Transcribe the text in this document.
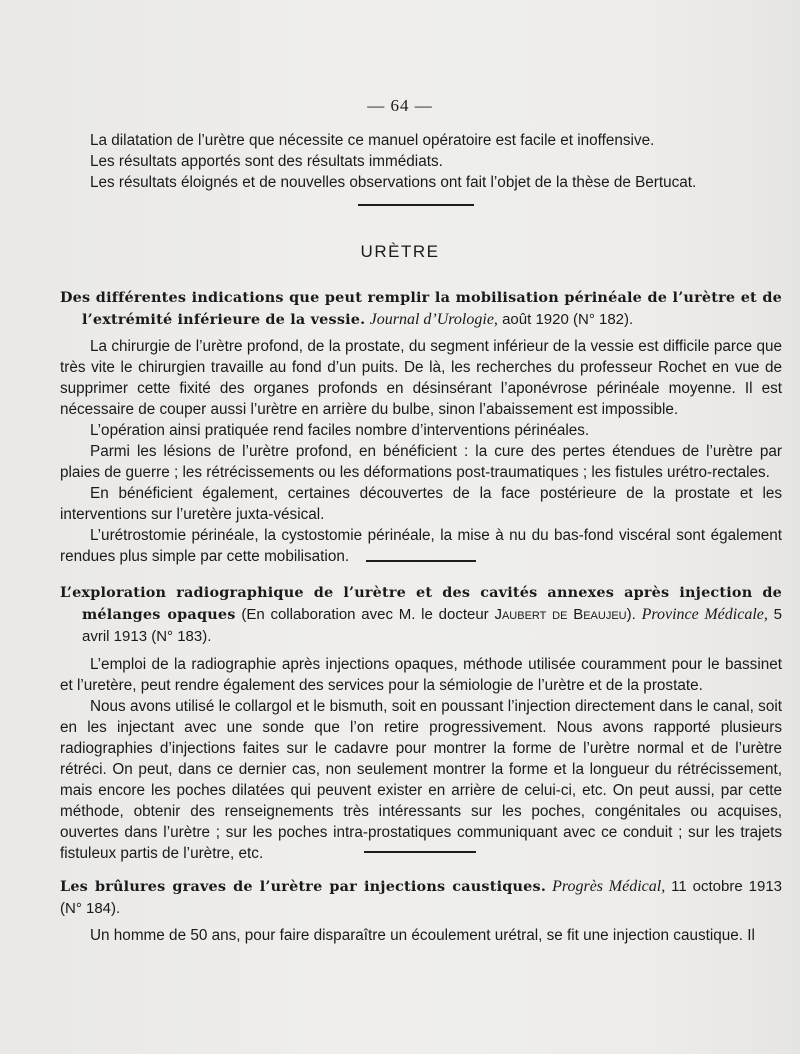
— 64 —

La dilatation de l’urètre que nécessite ce manuel opératoire est facile et inoffensive.

Les résultats apportés sont des résultats immédiats.

Les résultats éloignés et de nouvelles observations ont fait l’objet de la thèse de Bertucat.

URÈTRE

Des différentes indications que peut remplir la mobilisation périnéale de l’urètre et de l’extrémité inférieure de la vessie. Journal d’Urologie, août 1920 (N° 182).

La chirurgie de l’urètre profond, de la prostate, du segment inférieur de la vessie est difficile parce que très vite le chirurgien travaille au fond d’un puits. De là, les recherches du professeur Rochet en vue de supprimer cette fixité des organes profonds en désinsérant l’aponévrose périnéale moyenne. Il est nécessaire de couper aussi l’urètre en arrière du bulbe, sinon l’abaissement est impossible.

L’opération ainsi pratiquée rend faciles nombre d’interventions périnéales.

Parmi les lésions de l’urètre profond, en bénéficient : la cure des pertes étendues de l’urètre par plaies de guerre ; les rétrécissements ou les déformations post-traumatiques ; les fistules urétro-rectales.

En bénéficient également, certaines découvertes de la face postérieure de la prostate et les interventions sur l’uretère juxta-vésical.

L’urétrostomie périnéale, la cystostomie périnéale, la mise à nu du bas-fond viscéral sont également rendues plus simple par cette mobilisation.

L’exploration radiographique de l’urètre et des cavités annexes après injection de mélanges opaques (En collaboration avec M. le docteur Jaubert de Beaujeu). Province Médicale, 5 avril 1913 (N° 183).

L’emploi de la radiographie après injections opaques, méthode utilisée couramment pour le bassinet et l’uretère, peut rendre également des services pour la sémiologie de l’urètre et de la prostate.

Nous avons utilisé le collargol et le bismuth, soit en poussant l’injection directement dans le canal, soit en les injectant avec une sonde que l’on retire progressivement. Nous avons rapporté plusieurs radiographies d’injections faites sur le cadavre pour montrer la forme de l’urètre normal et de l’urètre rétréci. On peut, dans ce dernier cas, non seulement montrer la forme et la longueur du rétrécissement, mais encore les poches dilatées qui peuvent exister en arrière de celui-ci, etc. On peut aussi, par cette méthode, obtenir des renseignements très intéressants sur les poches, congénitales ou acquises, ouvertes dans l’urètre ; sur les poches intra-prostatiques communiquant avec ce conduit ; sur les trajets fistuleux partis de l’urètre, etc.

Les brûlures graves de l’urètre par injections caustiques. Progrès Médical, 11 octobre 1913 (N° 184).

Un homme de 50 ans, pour faire disparaître un écoulement urétral, se fit une injection caustique. Il
